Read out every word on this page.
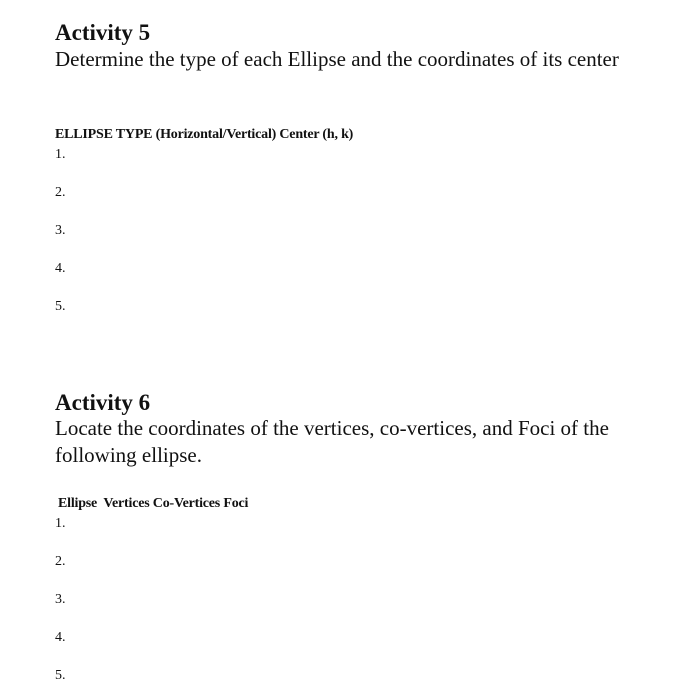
Activity 5

Determine the type of each Ellipse and the coordinates of its center

ELLIPSE TYPE (Horizontal/Vertical) Center (h, k)

1.
2.
3.
4.
5.
Activity 6

Locate the coordinates of the vertices, co-vertices, and Foci of the following ellipse.

Ellipse  Vertices Co-Vertices Foci

1.
2.
3.
4.
5.
